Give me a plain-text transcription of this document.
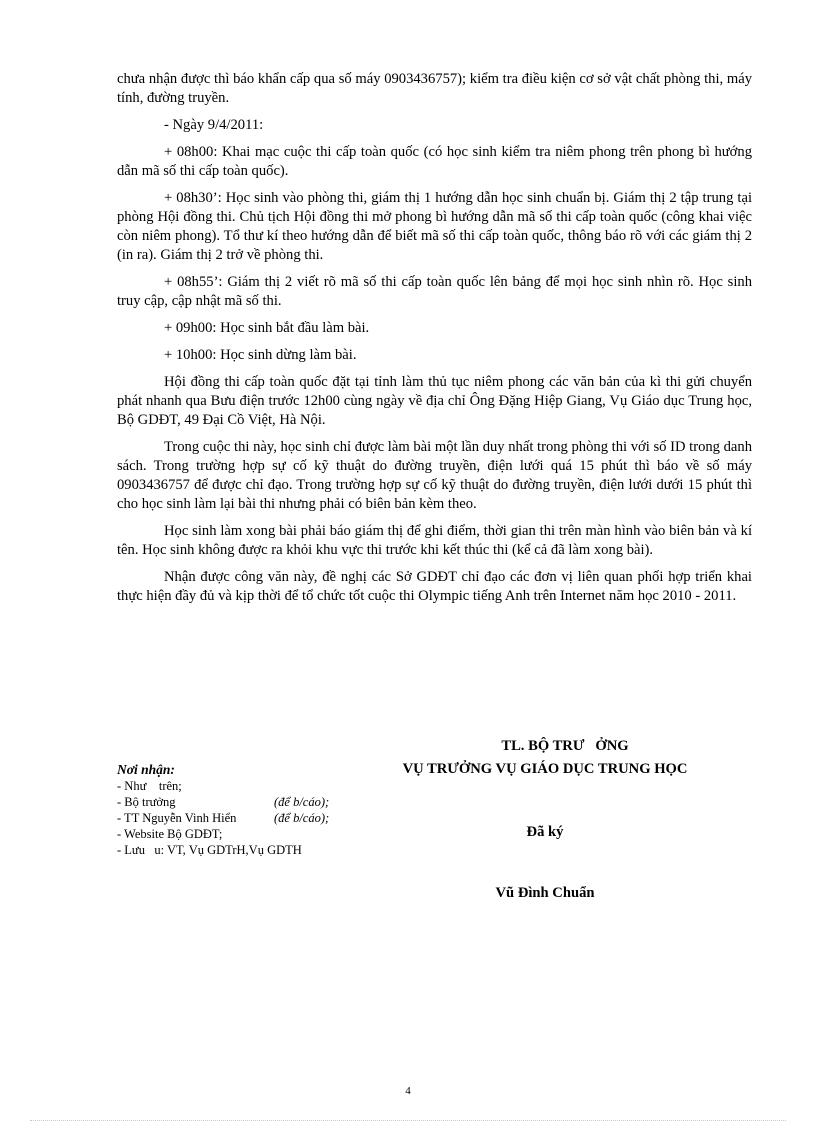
chưa nhận được thì báo khẩn cấp qua số máy 0903436757); kiểm tra điều kiện cơ sở vật chất phòng thi, máy tính, đường truyền.

- Ngày 9/4/2011:

+ 08h00: Khai mạc cuộc thi cấp toàn quốc (có học sinh kiểm tra niêm phong trên phong bì hướng dẫn mã số thi cấp toàn quốc).

+ 08h30’: Học sinh vào phòng thi, giám thị 1 hướng dẫn học sinh chuẩn bị. Giám thị 2 tập trung tại phòng Hội đồng thi. Chủ tịch Hội đồng thi mở phong bì hướng dẫn mã số thi cấp toàn quốc (công khai việc còn niêm phong). Tổ thư kí theo hướng dẫn để biết mã số thi cấp toàn quốc, thông báo rõ với các giám thị 2 (in ra). Giám thị 2 trở về phòng thi.

+ 08h55’: Giám thị 2 viết rõ mã số thi cấp toàn quốc lên bảng để mọi học sinh nhìn rõ. Học sinh truy cập, cập nhật mã số thi.

+ 09h00: Học sinh bắt đầu làm bài.

+ 10h00: Học sinh dừng làm bài.

Hội đồng thi cấp toàn quốc đặt tại tỉnh làm thủ tục niêm phong các văn bản của kì thi gửi chuyển phát nhanh qua Bưu điện trước 12h00 cùng ngày về địa chỉ Ông Đặng Hiệp Giang, Vụ Giáo dục Trung học, Bộ GDĐT, 49 Đại Cồ Việt, Hà Nội.

Trong cuộc thi này, học sinh chỉ được làm bài một lần duy nhất trong phòng thi với số ID trong danh sách. Trong trường hợp sự cố kỹ thuật do đường truyền, điện lưới quá 15 phút thì báo về số máy 0903436757 để được chỉ đạo. Trong trường hợp sự cố kỹ thuật do đường truyền, điện lưới dưới 15 phút thì cho học sinh làm lại bài thi nhưng phải có biên bản kèm theo.

Học sinh làm xong bài phải báo giám thị để ghi điểm, thời gian thi trên màn hình vào biên bản và kí tên. Học sinh không được ra khỏi khu vực thi trước khi kết thúc thi (kể cả đã làm xong bài).

Nhận được công văn này, đề nghị các Sở GDĐT chỉ đạo các đơn vị liên quan phối hợp triển khai thực hiện đầy đủ và kịp thời để tổ chức tốt cuộc thi Olympic tiếng Anh trên Internet năm học 2010 - 2011.

Nơi nhận:
- Như    trên;
- Bộ trưởng	(để b/cáo);
- TT Nguyễn Vinh Hiển	(để b/cáo);
- Website Bộ GDĐT;
- Lưu   u: VT, Vụ GDTrH,Vụ GDTH
TL. BỘ TRƯ   ỞNG
VỤ TRƯỞNG VỤ GIÁO DỤC TRUNG HỌC
Đã ký
Vũ Đình Chuẩn
4
